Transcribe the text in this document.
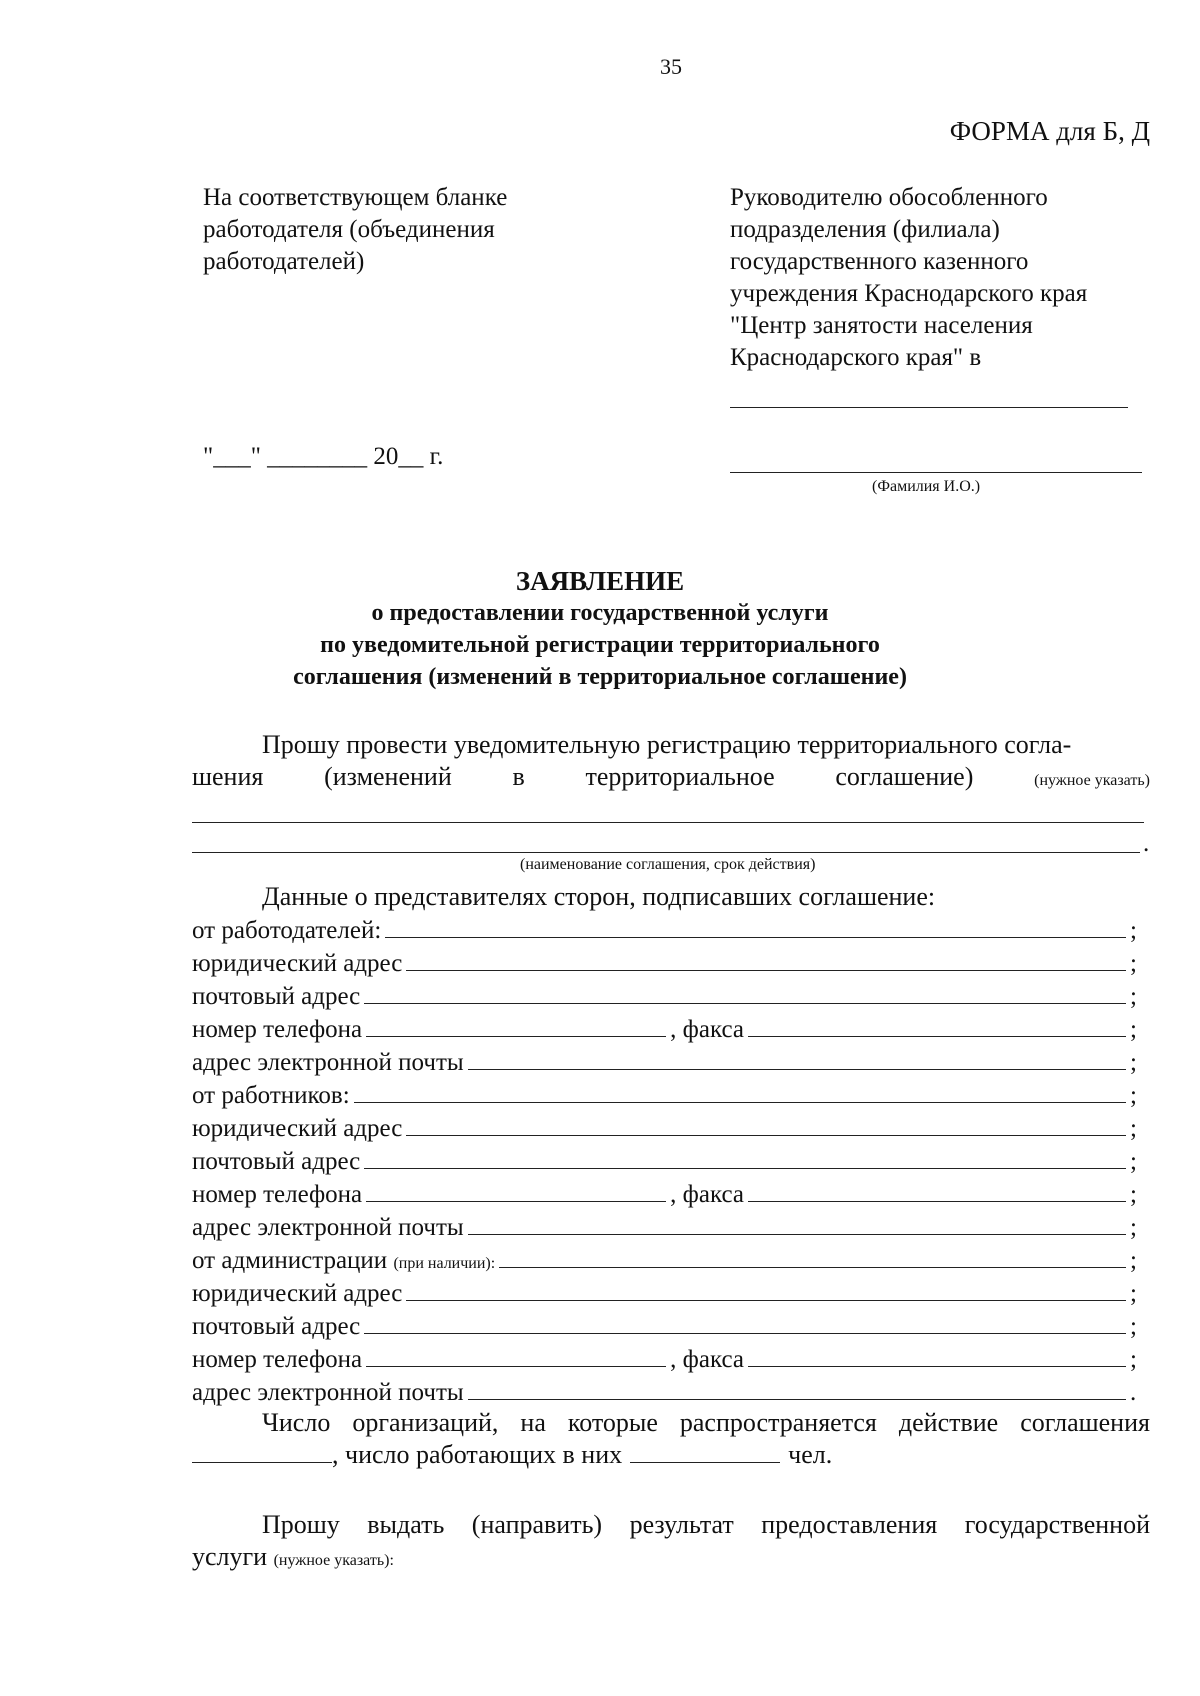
35
ФОРМА для Б, Д
На соответствующем бланке
работодателя (объединения
работодателей)
Руководителю обособленного
подразделения (филиала)
государственного казенного
учреждения Краснодарского края
"Центр занятости населения
Краснодарского края" в
"___" ________ 20__ г.
(Фамилия И.О.)
ЗАЯВЛЕНИЕ
о предоставлении государственной услуги
по уведомительной регистрации территориального
соглашения (изменений в территориальное соглашение)
Прошу провести уведомительную регистрацию территориального согла-
шения (изменений в территориальное соглашение)	(нужное указать)
.
(наименование соглашения, срок действия)
Данные о представителях сторон, подписавших соглашение:
от работодателей:	;
юридический адрес	;
почтовый адрес	;
номер телефона	, факса	;
адрес электронной почты	;
от работников:	;
юридический адрес	;
почтовый адрес	;
номер телефона	, факса	;
адрес электронной почты	;
от администрации (при наличии):	;
юридический адрес	;
почтовый адрес	;
номер телефона	, факса	;
адрес электронной почты	.
Число организаций, на которые распространяется действие соглашения
, число работающих в них	чел.
Прошу выдать (направить) результат предоставления государственной
услуги (нужное указать):
